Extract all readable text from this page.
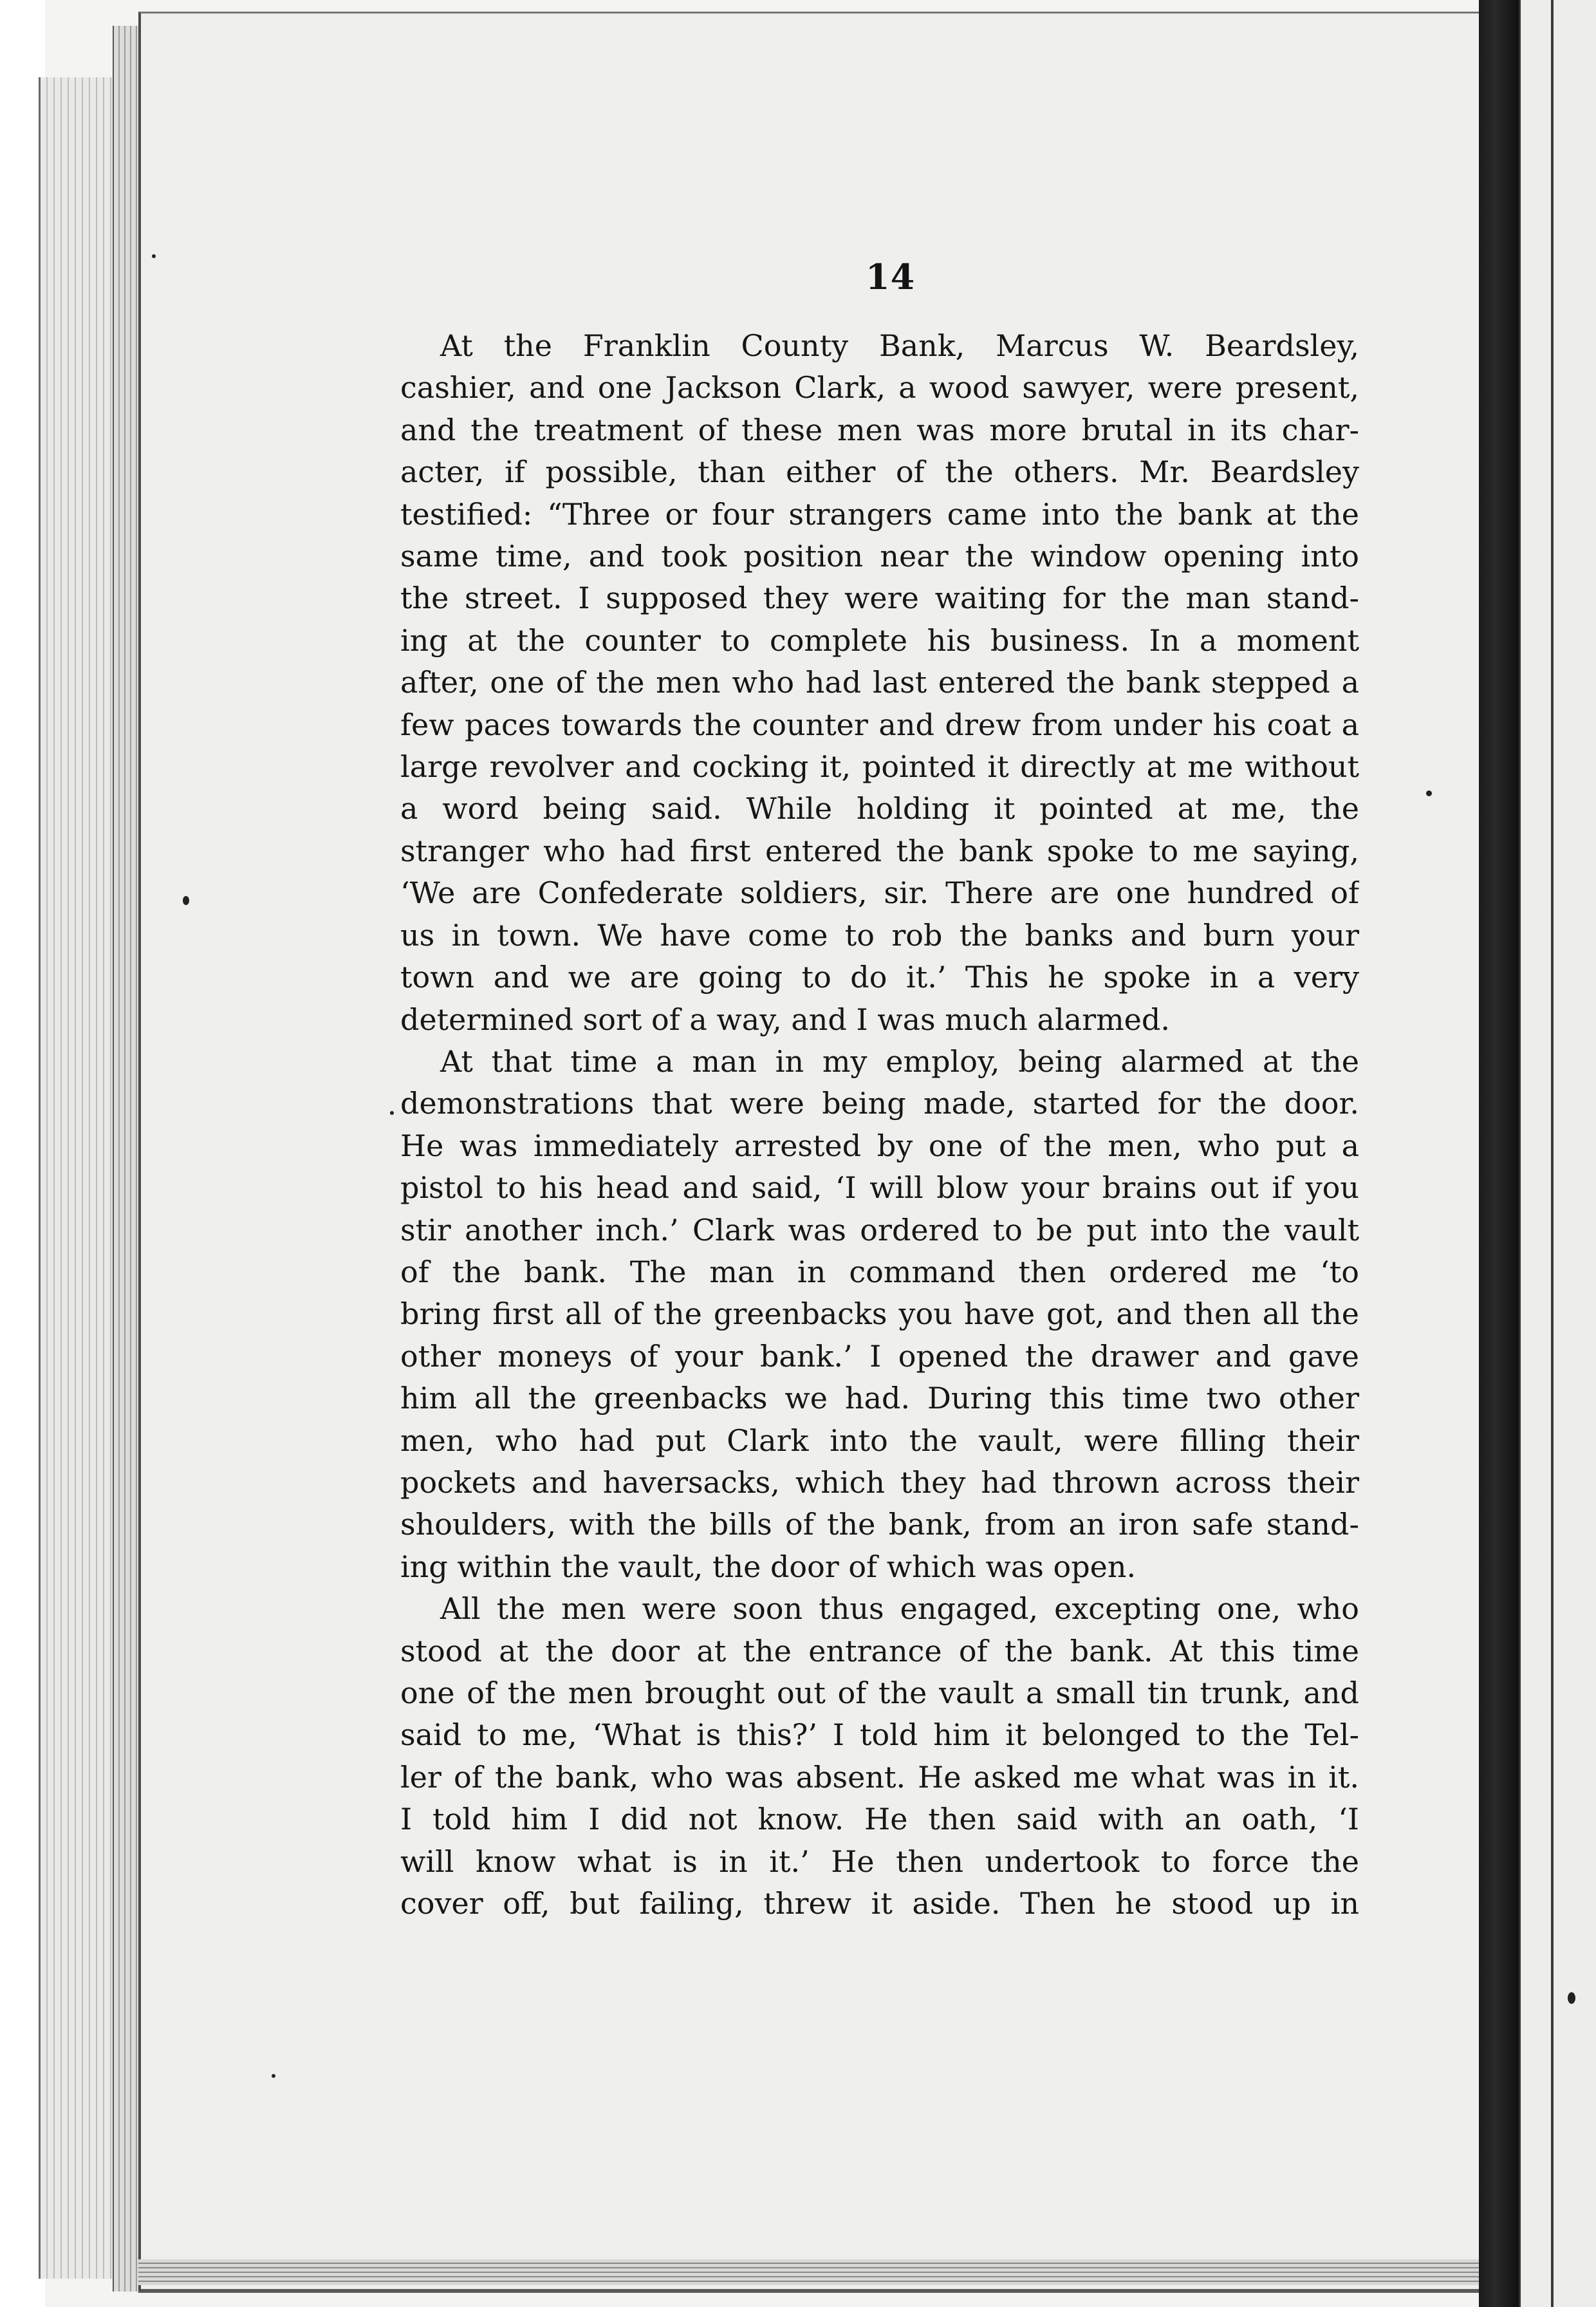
14
At the Franklin County Bank, Marcus W. Beardsley,
cashier, and one Jackson Clark, a wood sawyer, were present,
and the treatment of these men was more brutal in its char-
acter, if possible, than either of the others. Mr. Beardsley
testified: “Three or four strangers came into the bank at the
same time, and took position near the window opening into
the street. I supposed they were waiting for the man stand-
ing at the counter to complete his business. In a moment
after, one of the men who had last entered the bank stepped a
few paces towards the counter and drew from under his coat a
large revolver and cocking it, pointed it directly at me without
a word being said. While holding it pointed at me, the
stranger who had first entered the bank spoke to me saying,
‘We are Confederate soldiers, sir. There are one hundred of
us in town. We have come to rob the banks and burn your
town and we are going to do it.’ This he spoke in a very
determined sort of a way, and I was much alarmed.
At that time a man in my employ, being alarmed at the
demonstrations that were being made, started for the door.
He was immediately arrested by one of the men, who put a
pistol to his head and said, ‘I will blow your brains out if you
stir another inch.’ Clark was ordered to be put into the vault
of the bank. The man in command then ordered me ‘to
bring first all of the greenbacks you have got, and then all the
other moneys of your bank.’ I opened the drawer and gave
him all the greenbacks we had. During this time two other
men, who had put Clark into the vault, were filling their
pockets and haversacks, which they had thrown across their
shoulders, with the bills of the bank, from an iron safe stand-
ing within the vault, the door of which was open.
All the men were soon thus engaged, excepting one, who
stood at the door at the entrance of the bank. At this time
one of the men brought out of the vault a small tin trunk, and
said to me, ‘What is this?’ I told him it belonged to the Tel-
ler of the bank, who was absent. He asked me what was in it.
I told him I did not know. He then said with an oath, ‘I
will know what is in it.’ He then undertook to force the
cover off, but failing, threw it aside. Then he stood up in
